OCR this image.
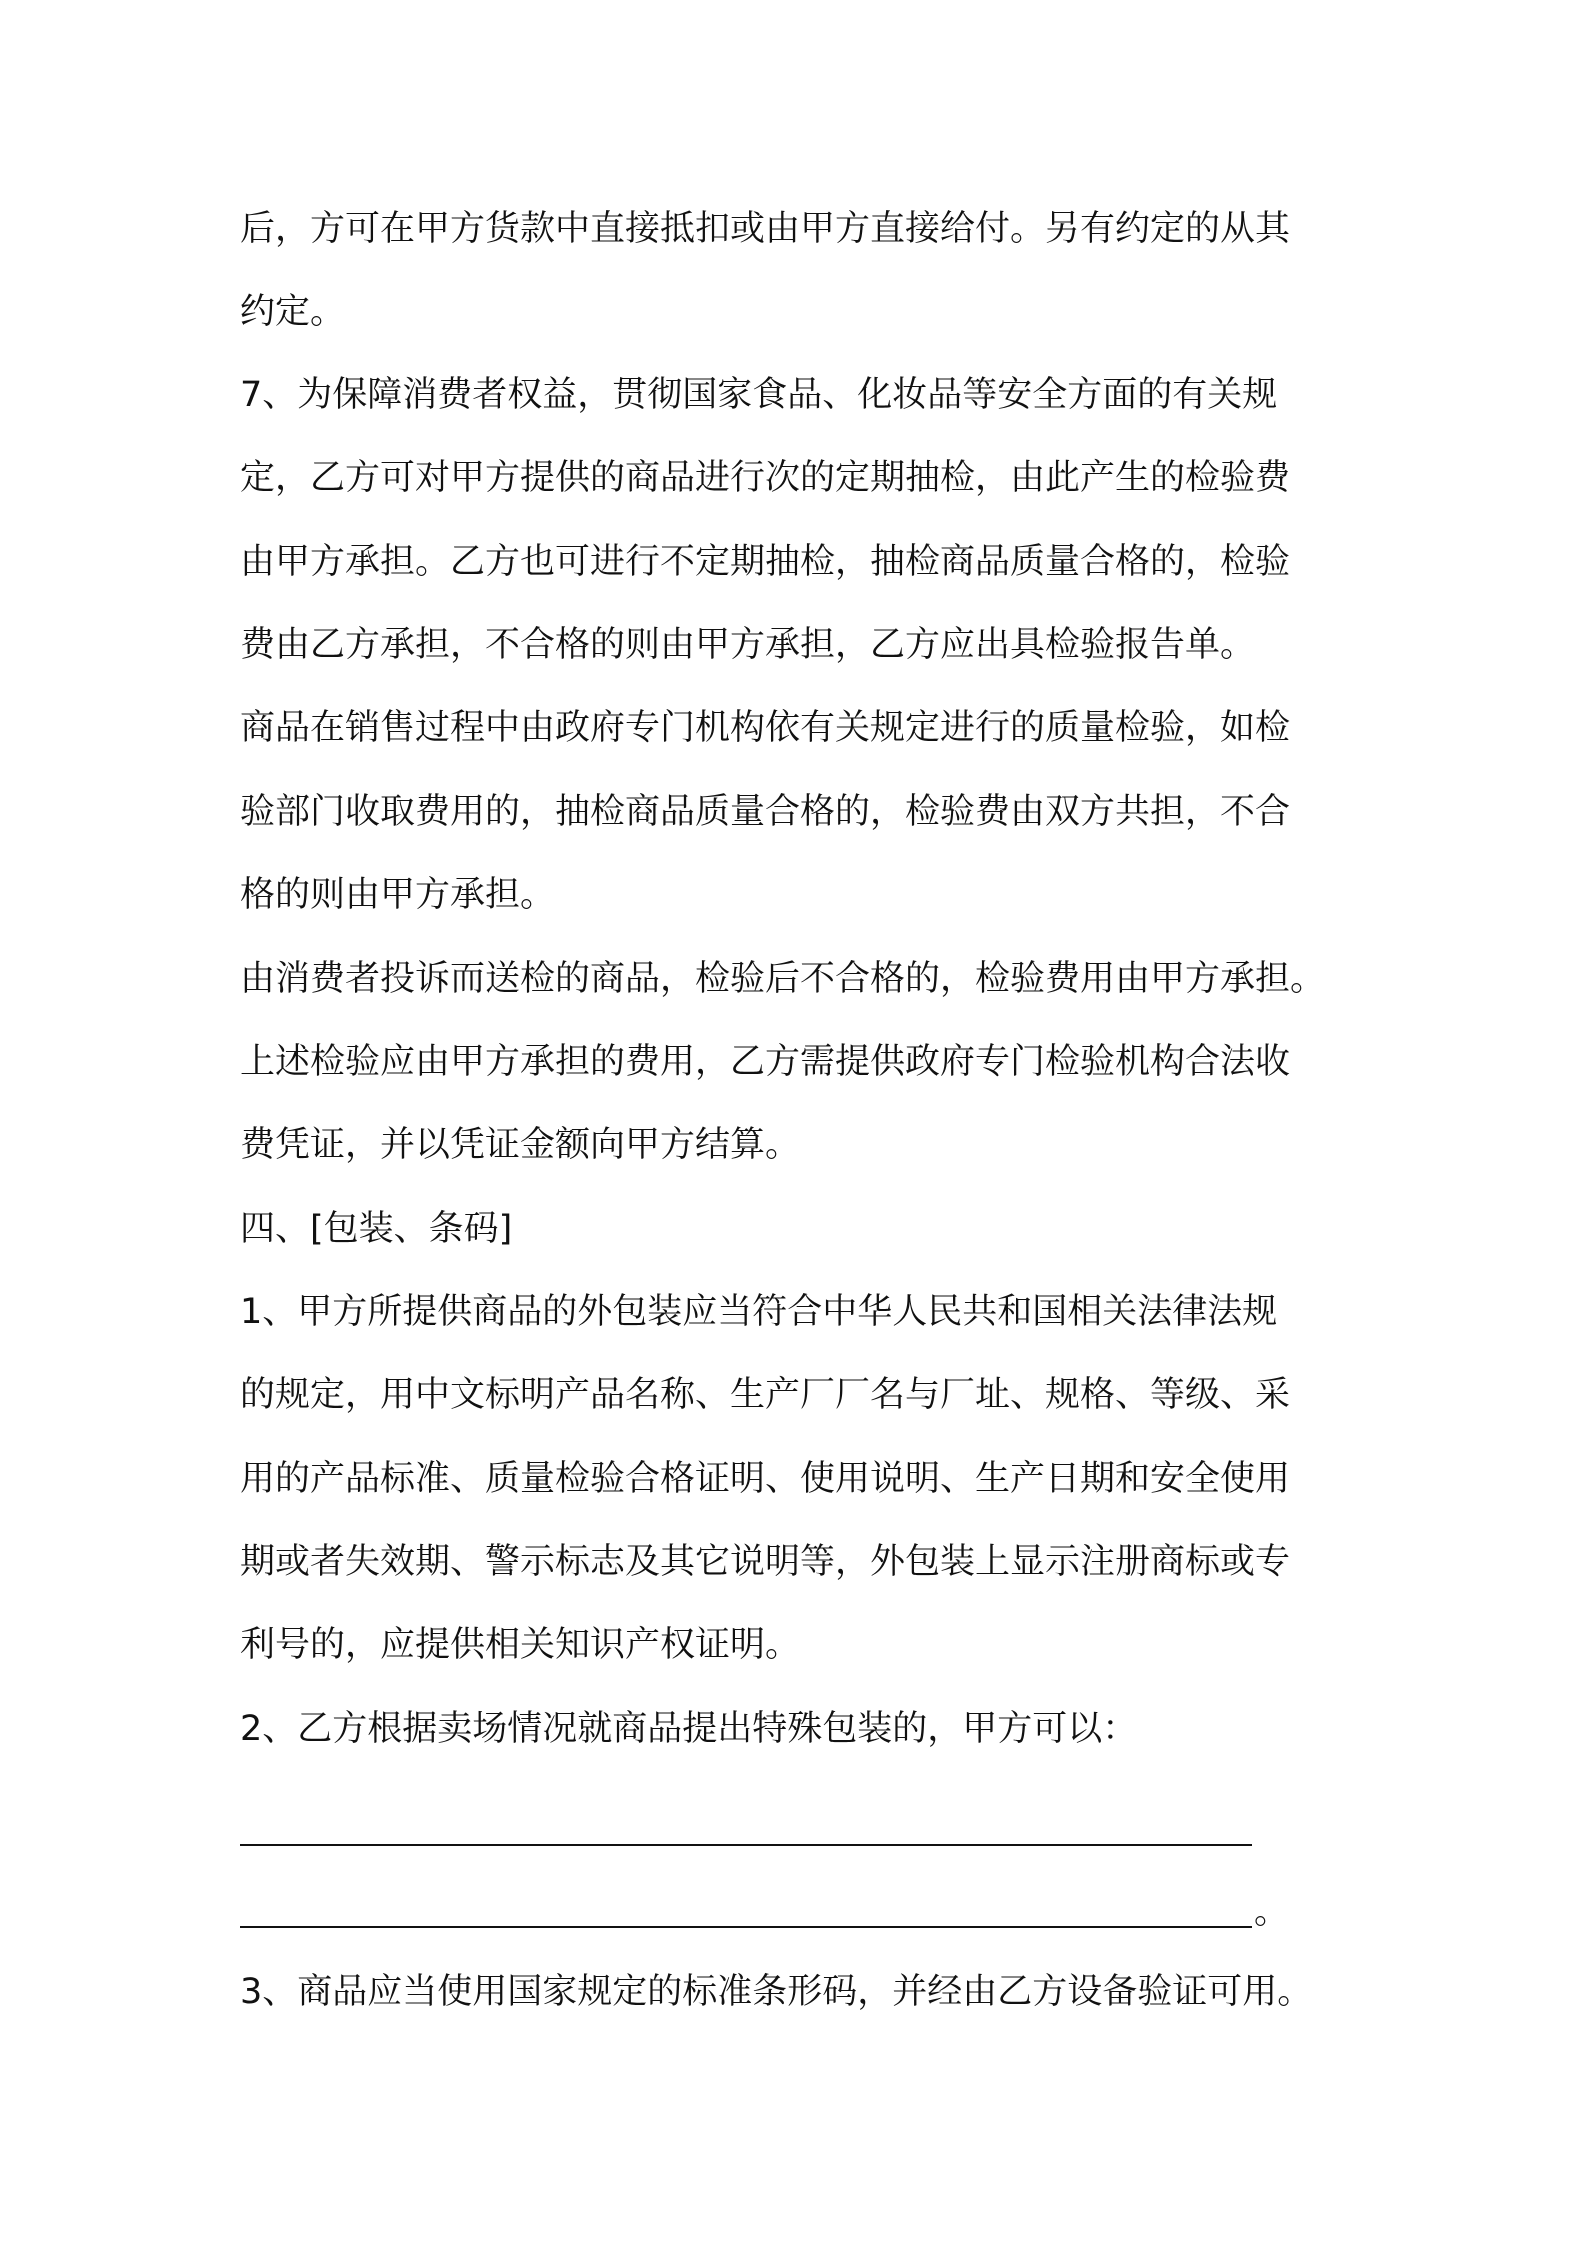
后，方可在甲方货款中直接抵扣或由甲方直接给付。另有约定的从其
约定。
7、为保障消费者权益，贯彻国家食品、化妆品等安全方面的有关规
定，乙方可对甲方提供的商品进行次的定期抽检，由此产生的检验费
由甲方承担。乙方也可进行不定期抽检，抽检商品质量合格的，检验
费由乙方承担，不合格的则由甲方承担，乙方应出具检验报告单。
商品在销售过程中由政府专门机构依有关规定进行的质量检验，如检
验部门收取费用的，抽检商品质量合格的，检验费由双方共担，不合
格的则由甲方承担。
由消费者投诉而送检的商品，检验后不合格的，检验费用由甲方承担。
上述检验应由甲方承担的费用，乙方需提供政府专门检验机构合法收
费凭证，并以凭证金额向甲方结算。
四、[包装、条码]
1、甲方所提供商品的外包装应当符合中华人民共和国相关法律法规
的规定，用中文标明产品名称、生产厂厂名与厂址、规格、等级、采
用的产品标准、质量检验合格证明、使用说明、生产日期和安全使用
期或者失效期、警示标志及其它说明等，外包装上显示注册商标或专
利号的，应提供相关知识产权证明。
2、乙方根据卖场情况就商品提出特殊包装的，甲方可以：
。
3、商品应当使用国家规定的标准条形码，并经由乙方设备验证可用。
